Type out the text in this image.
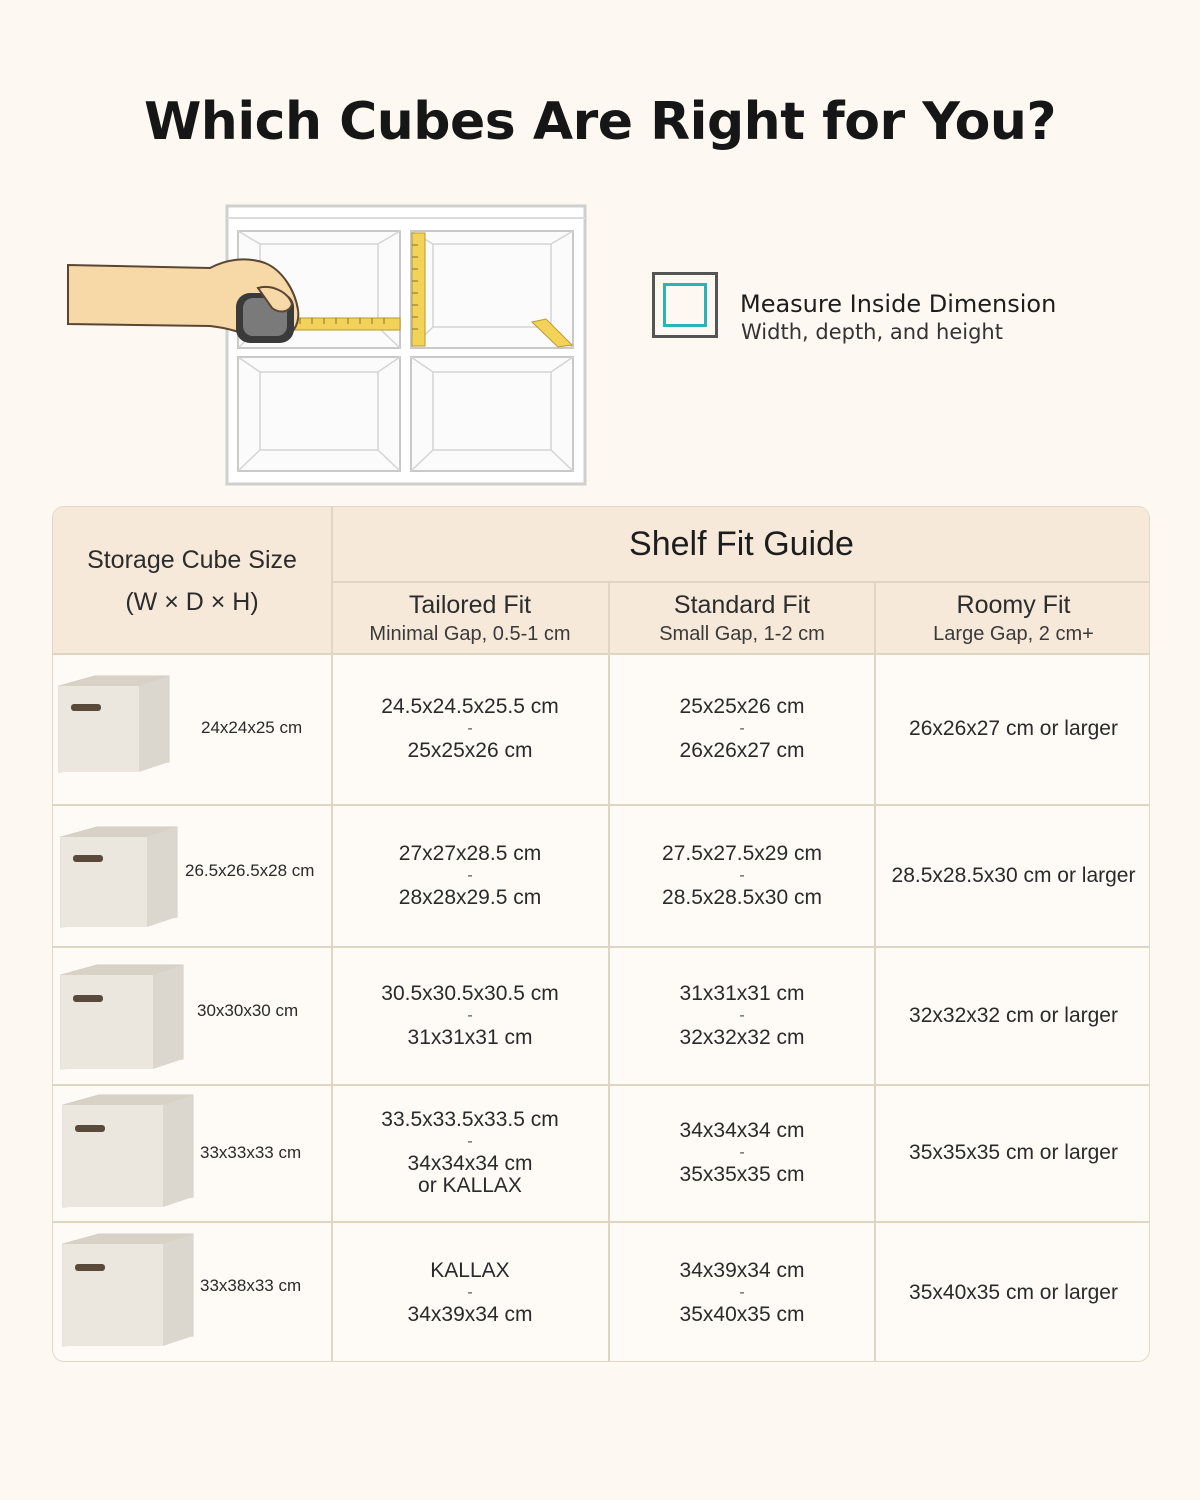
Which Cubes Are Right for You?
Measure Inside Dimension
Width, depth, and height
Storage Cube Size
(W × D × H)
Shelf Fit Guide
Tailored Fit
Minimal Gap, 0.5-1 cm
Standard Fit
Small Gap, 1-2 cm
Roomy Fit
Large Gap, 2 cm+
24x24x25 cm
24.5x24.5x25.5 cm
-
25x25x26 cm
25x25x26 cm
-
26x26x27 cm
26x26x27 cm or larger
26.5x26.5x28 cm
27x27x28.5 cm
-
28x28x29.5 cm
27.5x27.5x29 cm
-
28.5x28.5x30 cm
28.5x28.5x30 cm or larger
30x30x30 cm
30.5x30.5x30.5 cm
-
31x31x31 cm
31x31x31 cm
-
32x32x32 cm
32x32x32 cm or larger
33x33x33 cm
33.5x33.5x33.5 cm
-
34x34x34 cm
or KALLAX
34x34x34 cm
-
35x35x35 cm
35x35x35 cm or larger
33x38x33 cm
KALLAX
-
34x39x34 cm
34x39x34 cm
-
35x40x35 cm
35x40x35 cm or larger
